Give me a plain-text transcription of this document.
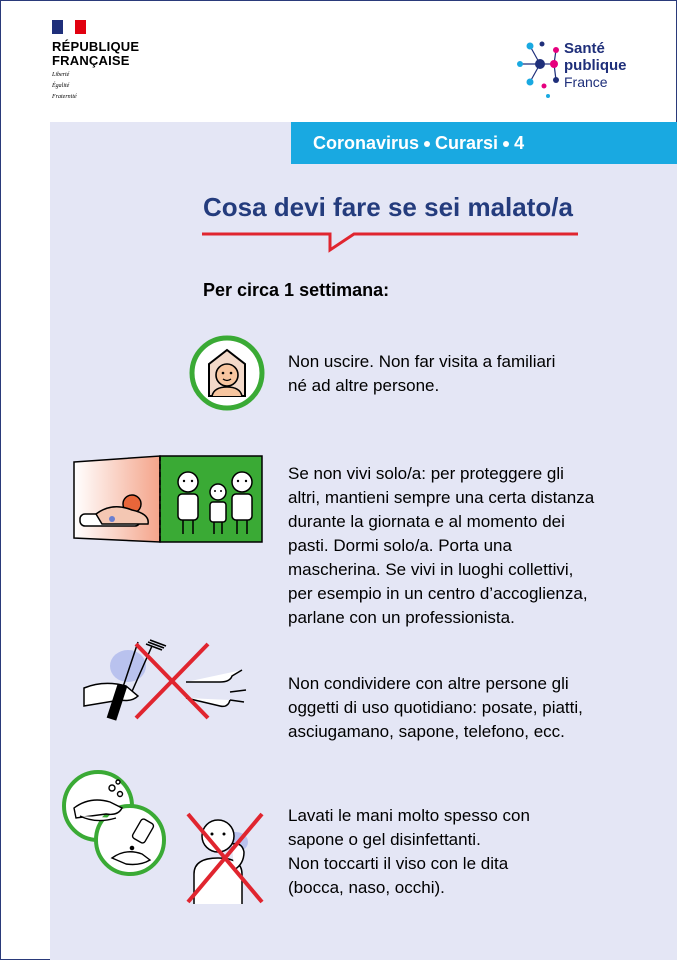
RÉPUBLIQUE
FRANÇAISE
Liberté
Égalité
Fraternité
Santé
publique
France
Coronavirus Curarsi 4
Cosa devi fare se sei malato/a
Per circa 1 settimana:
Non uscire. Non far visita a familiari
né ad altre persone.
Se non vivi solo/a: per proteggere gli
altri, mantieni sempre una certa distanza
durante la giornata e al momento dei
pasti. Dormi solo/a. Porta una
mascherina. Se vivi in luoghi collettivi,
per esempio in un centro d’accoglienza,
parlane con un professionista.
Non condividere con altre persone gli
oggetti di uso quotidiano: posate, piatti,
asciugamano, sapone, telefono, ecc.
Lavati le mani molto spesso con
sapone o gel disinfettanti.
Non toccarti il viso con le dita
(bocca, naso, occhi).
